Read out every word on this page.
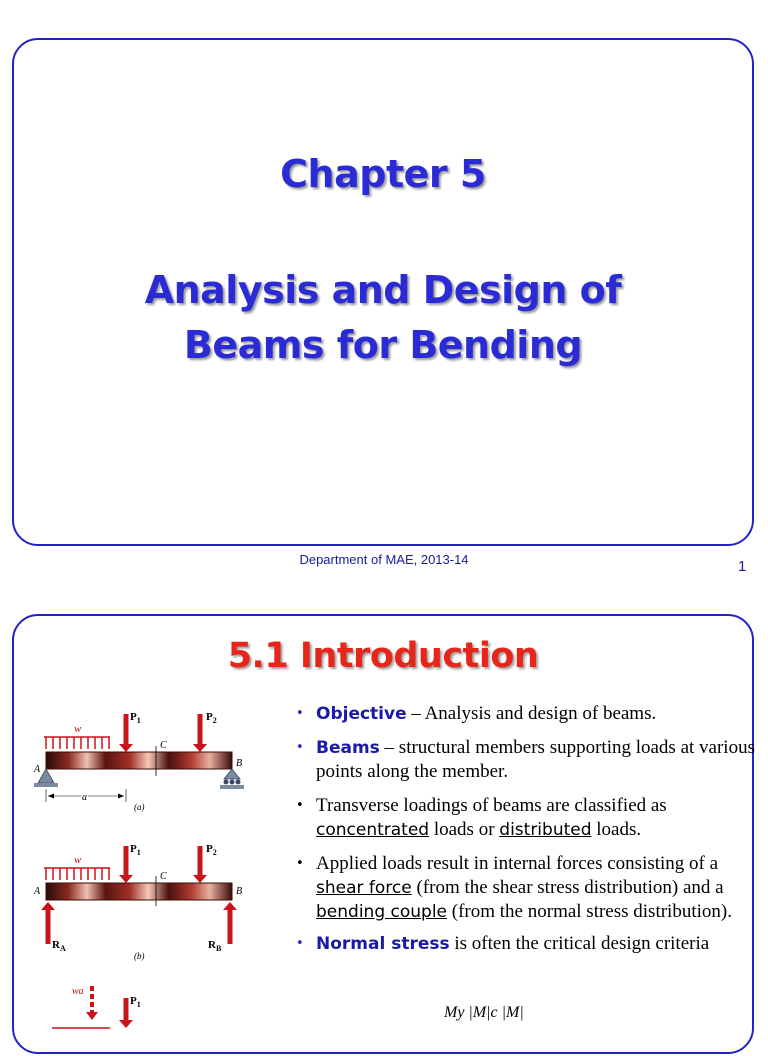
Chapter 5
Analysis and Design of
Beams for Bending
Department of MAE, 2013-14	1
5.1 Introduction
w
$P_1$	$P_2$
C
A
B
a
(a)
w
$P_1$	$P_2$
C
A	B
$R_A$	$R_B$
(b)
wa
$P_1$
• Objective – Analysis and design of beams.
• Beams – structural members supporting loads at various points along the member.
• Transverse loadings of beams are classified as concentrated loads or distributed loads.
• Applied loads result in internal forces consisting of a shear force (from the shear stress distribution) and a bending couple (from the normal stress distribution).
• Normal stress is often the critical design criteria
My |M|c |M|
